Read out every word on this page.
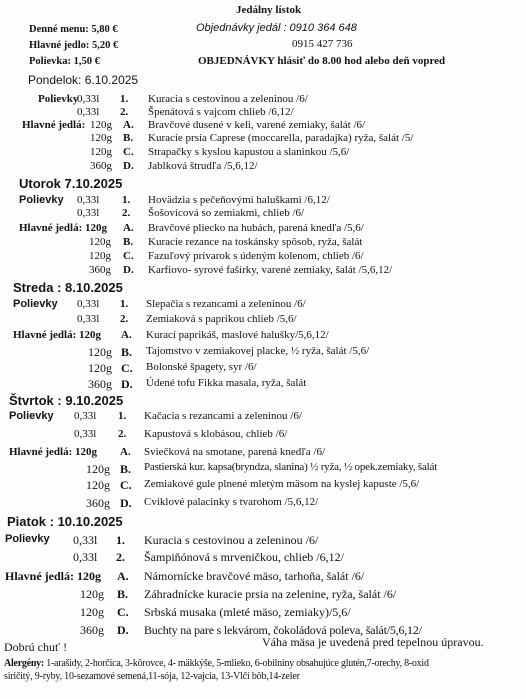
Jedálny lístok
Objednávky jedál : 0910 364 648
Denné menu: 5,80 €
Hlavné jedlo: 5,20 €	0915 427 736
Polievka: 1,50 €	OBJEDNÁVKY hlásiť do 8.00 hod alebo deň vopred
Pondelok: 6.10.2025
Polievky
0,33l 1. Kuracia s cestovinou a zeleninou /6/
0,33l 2. Špenátová s vajcom chlieb /6,12/
Hlavné jedlá: 120g A. Bravčové dusené v keli, varené zemiaky, šalát /6/
120g B. Kuracie prsia Caprese (moccarella, paradajka) ryža, šalát /5/
120g C. Strapačky s kyslou kapustou a slaninkou /5,6/
360g D. Jablková štrudľa /5,6,12/
Utorok 7.10.2025
Polievky 0,33l 1. Hovädzia s pečeňovými haluškami /6,12/
0,33l 2. Šošovicová so zemiakmi, chlieb /6/
Hlavné jedlá: 120g A. Bravčové pliecko na hubách, parená knedľa /5,6/
120g B. Kuracie rezance na toskánsky spôsob, ryža, šalát
120g C. Fazuľový prívarok s údeným kolenom, chlieb /6/
360g D. Karfiovo- syrové fašírky, varené zemiaky, šalát /5,6,12/
Streda : 8.10.2025
Polievky 0,33l 1. Slepačia s rezancami a zeleninou /6/
0,33l 2. Zemiaková s paprikou chlieb /5,6/
Hlavné jedlá: 120g A. Kurací paprikáš, maslové halušky/5,6,12/
120g B. Tajomstvo v zemiakovej placke, ½ ryža, šalát /5,6/
120g C. Bolonské špagety, syr /6/
360g D. Údené tofu Fikka masala, ryža, šalát
Štvrtok : 9.10.2025
Polievky 0,33l 1. Kačacia s rezancami a zeleninou /6/
0,33l 2. Kapustová s klobásou, chlieb /6/
Hlavné jedlá: 120g A. Sviečková na smotane, parená knedľa /6/
120g B. Pastierská kur. kapsa(bryndza, slanina) ½ ryža, ½ opek.zemiaky, šalát
120g C. Zemiakové gule plnené mletým mäsom na kyslej kapuste /5,6/
360g D. Cviklové palacinky s tvarohom /5,6,12/
Piatok : 10.10.2025
Polievky 0,33l 1. Kuracia s cestovinou a zeleninou /6/
0,33l 2. Šampiňónová s mrveničkou, chlieb /6,12/
Hlavné jedlá: 120g A. Námornícke bravčové mäso, tarhoňa, šalát /6/
120g B. Záhradnícke kuracie prsia na zelenine, ryža, šalát /6/
120g C. Srbská musaka (mleté mäso, zemiaky)/5,6/
360g D. Buchty na pare s lekvárom, čokoládová poleva, šalát/5,6,12/
Dobrú chuť !	Váha mäsa je uvedená pred tepelnou úpravou.
Alergény: 1-arašidy, 2-horčica, 3-kôrovce, 4- mäkkýše, 5-mlieko, 6-obilniny obsahujúce glutén,7-orechy, 8-oxid
siričitý, 9-ryby, 10-sezamové semená,11-sója, 12-vajcia, 13-Vlčí bôb,14-zeler
